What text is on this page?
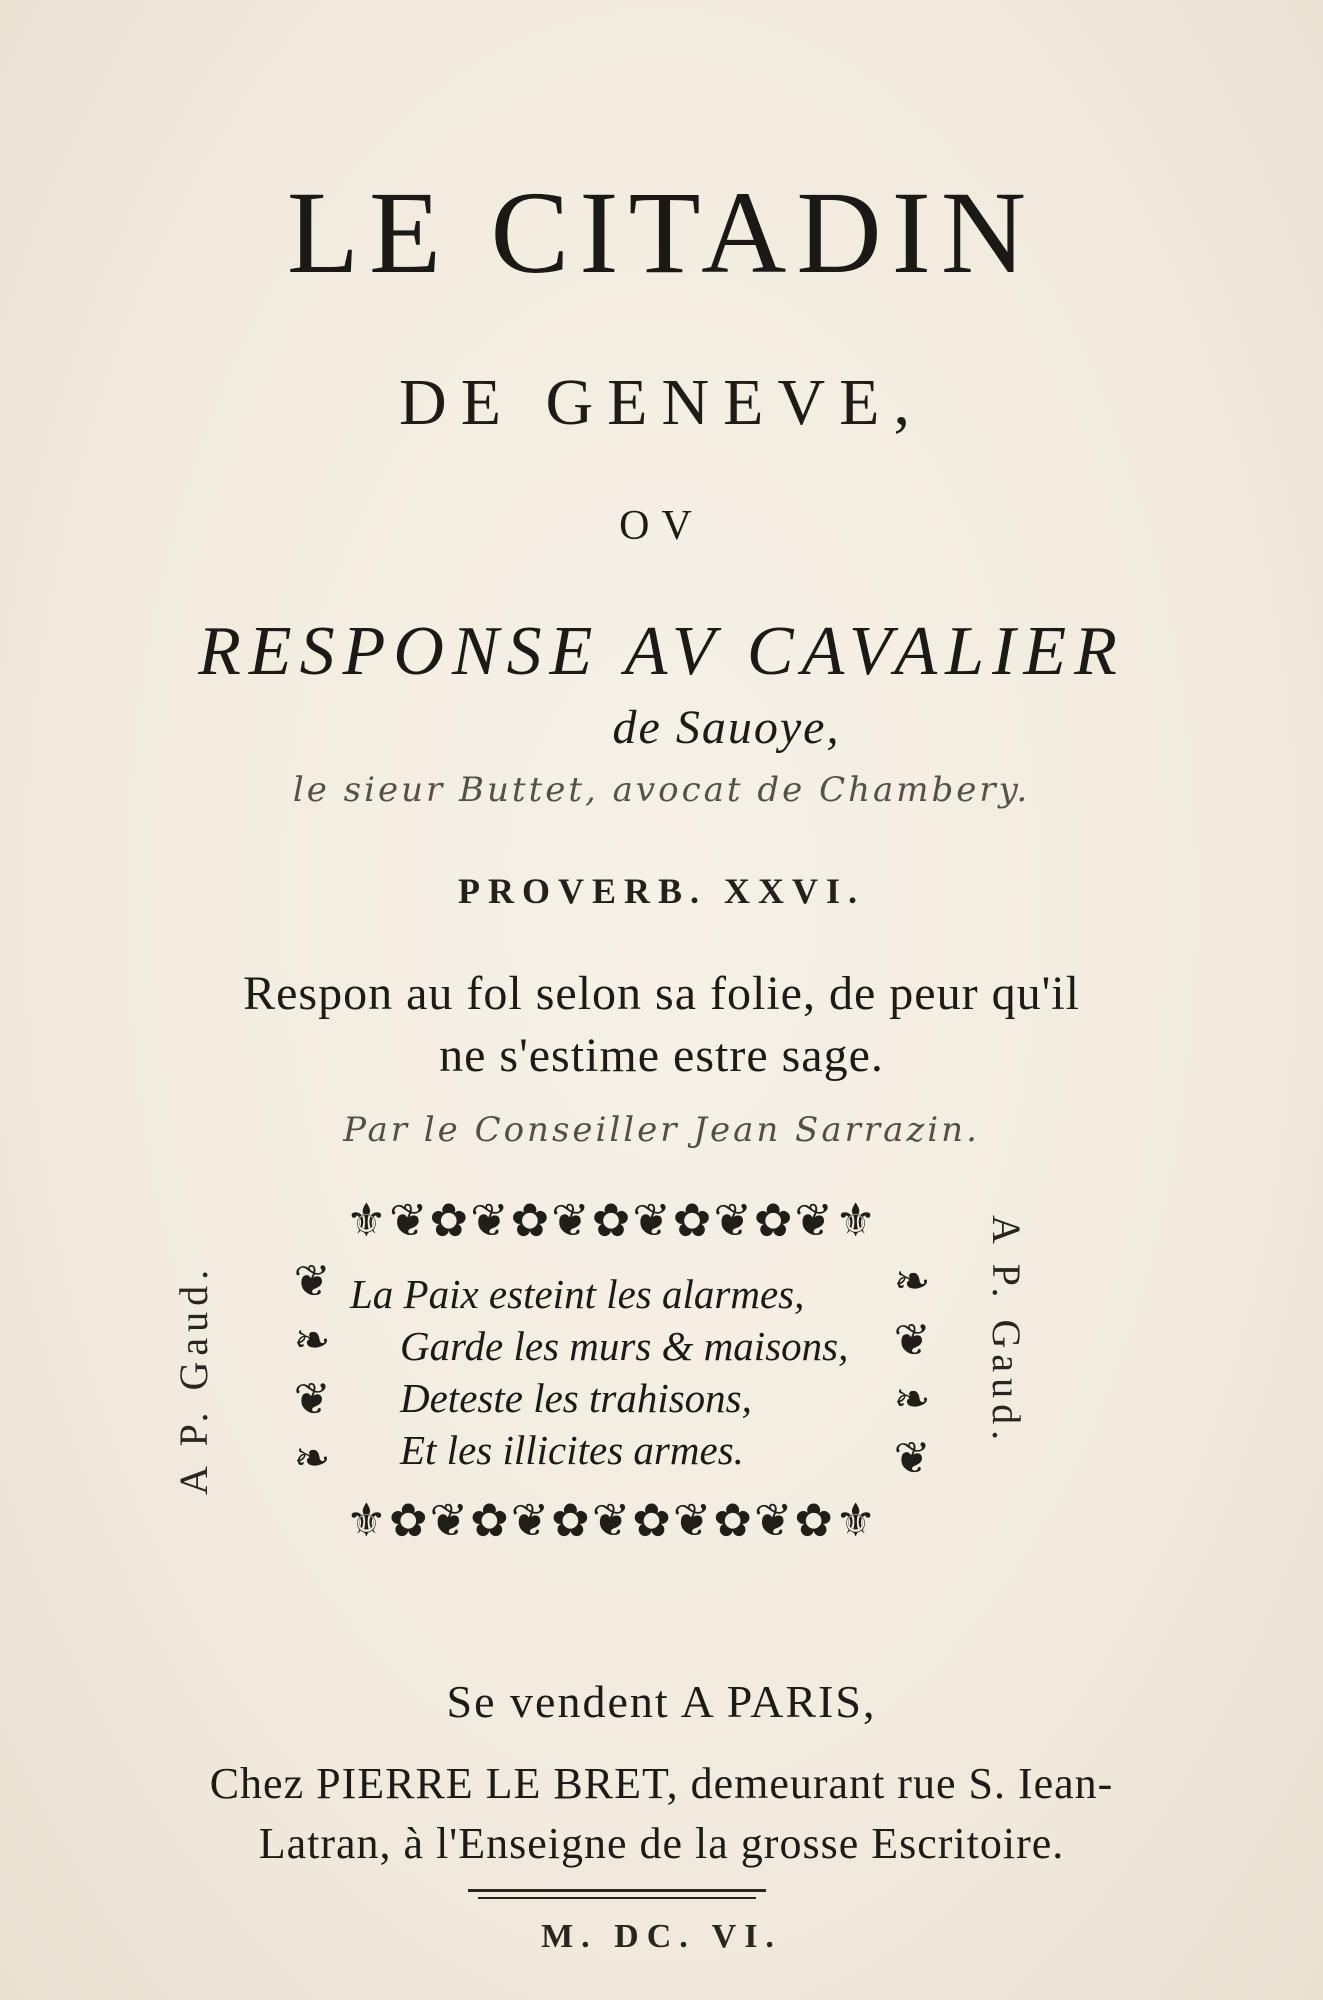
LE CITADIN
DE GENEVE,
OV
RESPONSE AV CAVALIER
de Sauoye,
le sieur Buttet, avocat de Chambery.
PROVERB. XXVI.
Respon au fol selon sa folie, de peur qu'il
ne s'estime estre sage.
Par le Conseiller Jean Sarrazin.
A P. Gaud.	A P. Gaud.
⚜❦✿❦✿❦✿❦✿❦✿❦⚜
❦
❧
❦
❧
❧
❦
❧
❦
La Paix esteint les alarmes,
Garde les murs & maisons,
Deteste les trahisons,
Et les illicites armes.
⚜✿❦✿❦✿❦✿❦✿❦✿⚜
Se vendent A PARIS,
Chez PIERRE LE BRET, demeurant rue S. Iean-
Latran, à l'Enseigne de la grosse Escritoire.
M. DC. VI.
